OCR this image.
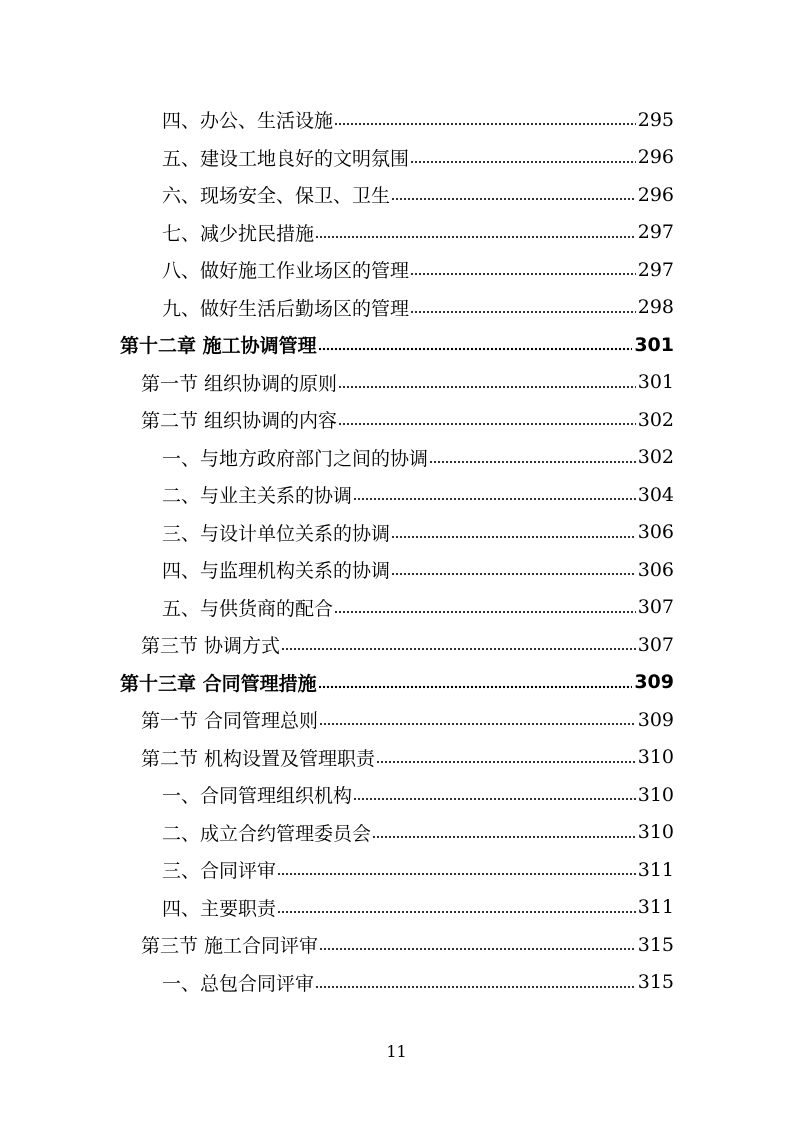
四、办公、生活设施	295
五、建设工地良好的文明氛围	296
六、现场安全、保卫、卫生	296
七、减少扰民措施	297
八、做好施工作业场区的管理	297
九、做好生活后勤场区的管理	298
第十二章 施工协调管理	301
第一节 组织协调的原则	301
第二节 组织协调的内容	302
一、与地方政府部门之间的协调	302
二、与业主关系的协调	304
三、与设计单位关系的协调	306
四、与监理机构关系的协调	306
五、与供货商的配合	307
第三节 协调方式	307
第十三章 合同管理措施	309
第一节 合同管理总则	309
第二节 机构设置及管理职责	310
一、合同管理组织机构	310
二、成立合约管理委员会	310
三、合同评审	311
四、主要职责	311
第三节 施工合同评审	315
一、总包合同评审	315
11
